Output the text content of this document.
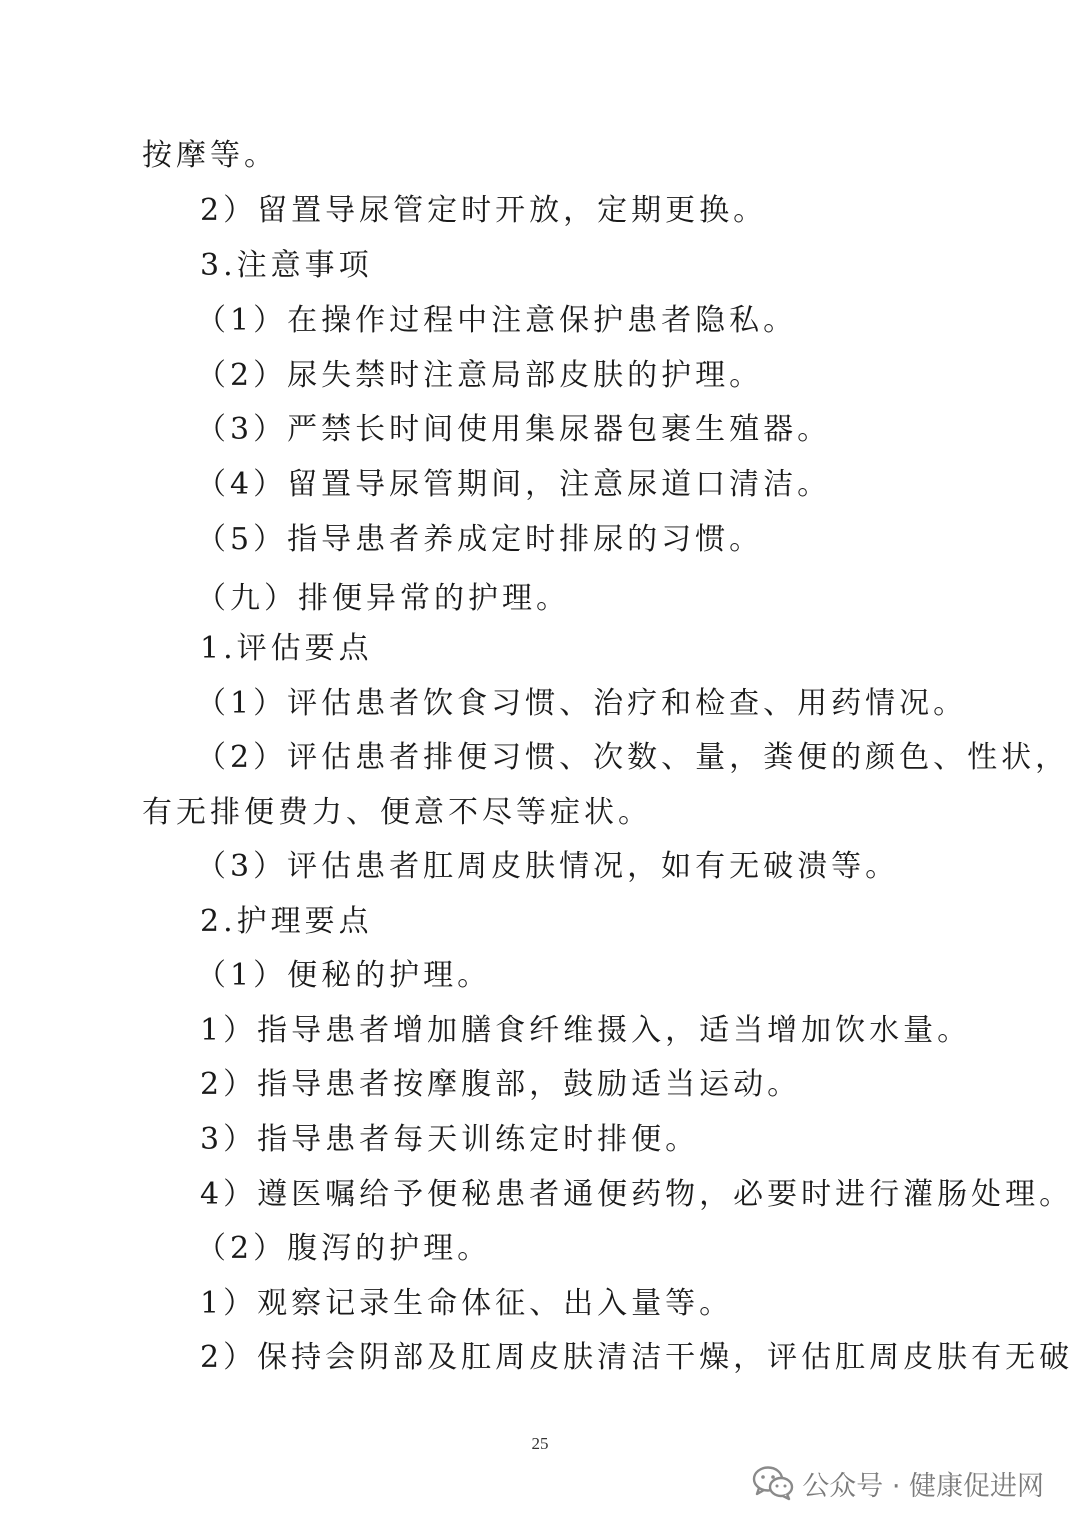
按摩等。
2）留置导尿管定时开放，定期更换。
3.注意事项
（1）在操作过程中注意保护患者隐私。
（2）尿失禁时注意局部皮肤的护理。
（3）严禁长时间使用集尿器包裹生殖器。
（4）留置导尿管期间，注意尿道口清洁。
（5）指导患者养成定时排尿的习惯。
（九）排便异常的护理。
1.评估要点
（1）评估患者饮食习惯、治疗和检查、用药情况。
（2）评估患者排便习惯、次数、量，粪便的颜色、性状，
有无排便费力、便意不尽等症状。
（3）评估患者肛周皮肤情况，如有无破溃等。
2.护理要点
（1）便秘的护理。
1）指导患者增加膳食纤维摄入，适当增加饮水量。
2）指导患者按摩腹部，鼓励适当运动。
3）指导患者每天训练定时排便。
4）遵医嘱给予便秘患者通便药物，必要时进行灌肠处理。
（2）腹泻的护理。
1）观察记录生命体征、出入量等。
2）保持会阴部及肛周皮肤清洁干燥，评估肛周皮肤有无破
25
公众号 · 健康促进网
